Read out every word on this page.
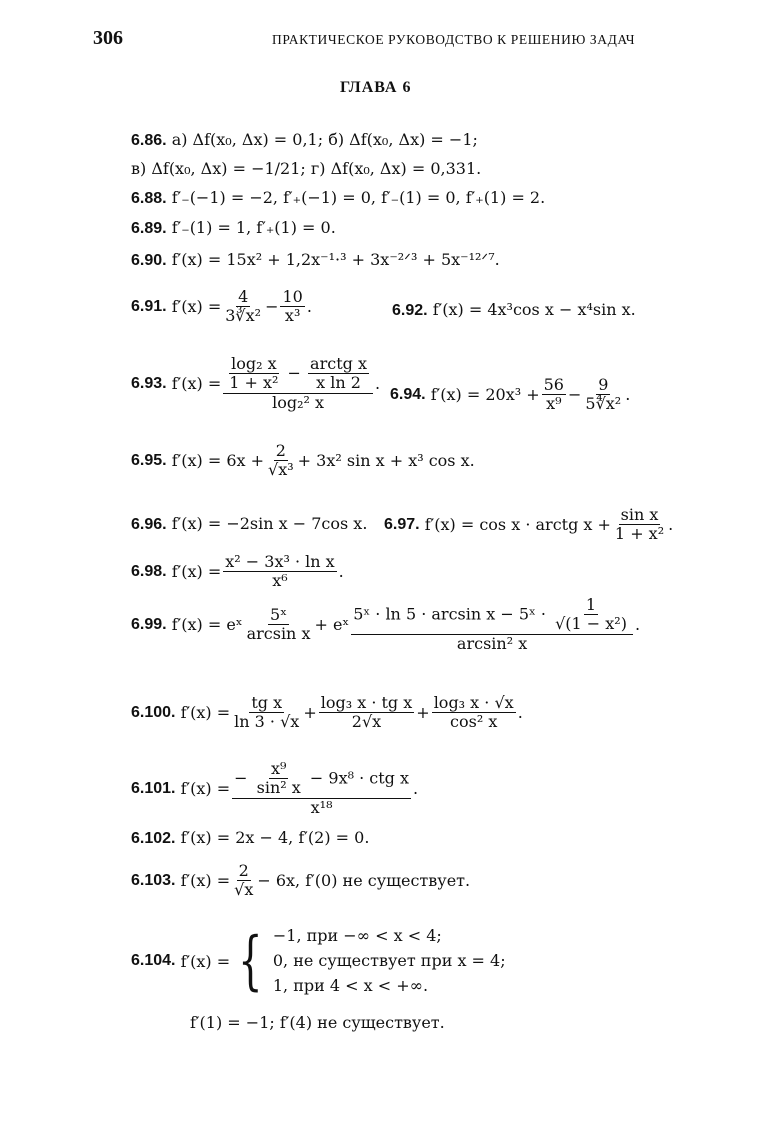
306	ПРАКТИЧЕСКОЕ РУКОВОДСТВО К РЕШЕНИЮ ЗАДАЧ
ГЛАВА 6
6.86. а) Δf(x₀, Δx) = 0,1; б) Δf(x₀, Δx) = −1;
в) Δf(x₀, Δx) = −1/21; г) Δf(x₀, Δx) = 0,331.
6.88. f′₋(−1) = −2, f′₊(−1) = 0, f′₋(1) = 0, f′₊(1) = 2.
6.89. f′₋(1) = 1, f′₊(1) = 0.
6.90. f′(x) = 15x² + 1,2x⁻¹·³ + 3x⁻²ᐟ³ + 5x⁻¹²ᐟ⁷.
6.91.
$f'(x) = \frac{4}{\text{3∛x²}} - \frac{10}{\text{x³}}$ .	6.92. f′(x) = 4x³cos x − x⁴sin x.
6.93.
$f'(x) = \frac{\frac{\text{log₂ x}}{\text{1 + x²}} - \frac{\text{arctg x}}{\text{x ln 2}}}{\text{log₂² x}}$ .
6.94.
$f'(x) = 20x^3 + \frac{56}{\text{x⁹}} - \frac{9}{\text{5∜x²}}$ .
6.95.
$f'(x) = 6x + \frac{2}{\text{√x³}} + 3x^2$ sin x + x³ cos x.
6.96. f′(x) = −2sin x − 7cos x. 6.97.
f′(x) = cos x · arctg $x + \frac{\text{sin x}}{\text{1 + x²}}$ .
6.98.
$f'(x) = \frac{\text{x² − 3x³ · ln x}}{\text{x⁶}}$ .
6.99.
f′(x) = eˣ $\frac{\text{5ˣ}}{\text{arcsin x}}$ + eˣ $\frac{5ˣ \cdot \ln 5 \cdot \arcsin x - 5ˣ \cdot \frac{1}{\text{√(1 − x²)}}}{\text{arcsin² x}}$ .
6.100.
$f'(x) = \frac{\text{tg x}}{\ln 3 \cdot √x} + \frac{\text{log₃ x · tg x}}{2√x} + \frac{\text{log₃ x · √x}}{\text{cos² x}}$ .
6.101.
$f'(x) = \frac{- \frac{\text{x⁹}}{\text{sin² x}} - 9x^8 \cdot ctg x}{\text{x¹⁸}}$ .
6.102. f′(x) = 2x − 4, f′(2) = 0.
6.103.
$f'(x) = \frac{2}{√x} - 6x$, f′(0) не существует.
6.104.
f′(x) = { −1, при −∞ < x < 4;
0, не существует при x = 4;
1, при 4 < x < +∞.
f′(1) = −1; f′(4) не существует.
